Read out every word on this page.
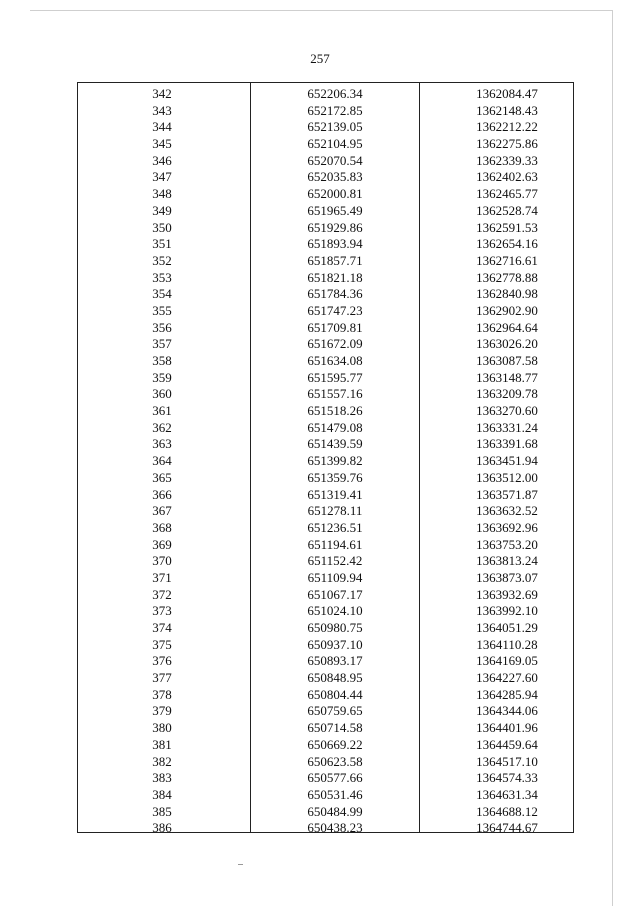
257
342	652206.34	1362084.47
343	652172.85	1362148.43
344	652139.05	1362212.22
345	652104.95	1362275.86
346	652070.54	1362339.33
347	652035.83	1362402.63
348	652000.81	1362465.77
349	651965.49	1362528.74
350	651929.86	1362591.53
351	651893.94	1362654.16
352	651857.71	1362716.61
353	651821.18	1362778.88
354	651784.36	1362840.98
355	651747.23	1362902.90
356	651709.81	1362964.64
357	651672.09	1363026.20
358	651634.08	1363087.58
359	651595.77	1363148.77
360	651557.16	1363209.78
361	651518.26	1363270.60
362	651479.08	1363331.24
363	651439.59	1363391.68
364	651399.82	1363451.94
365	651359.76	1363512.00
366	651319.41	1363571.87
367	651278.11	1363632.52
368	651236.51	1363692.96
369	651194.61	1363753.20
370	651152.42	1363813.24
371	651109.94	1363873.07
372	651067.17	1363932.69
373	651024.10	1363992.10
374	650980.75	1364051.29
375	650937.10	1364110.28
376	650893.17	1364169.05
377	650848.95	1364227.60
378	650804.44	1364285.94
379	650759.65	1364344.06
380	650714.58	1364401.96
381	650669.22	1364459.64
382	650623.58	1364517.10
383	650577.66	1364574.33
384	650531.46	1364631.34
385	650484.99	1364688.12
386	650438.23	1364744.67
